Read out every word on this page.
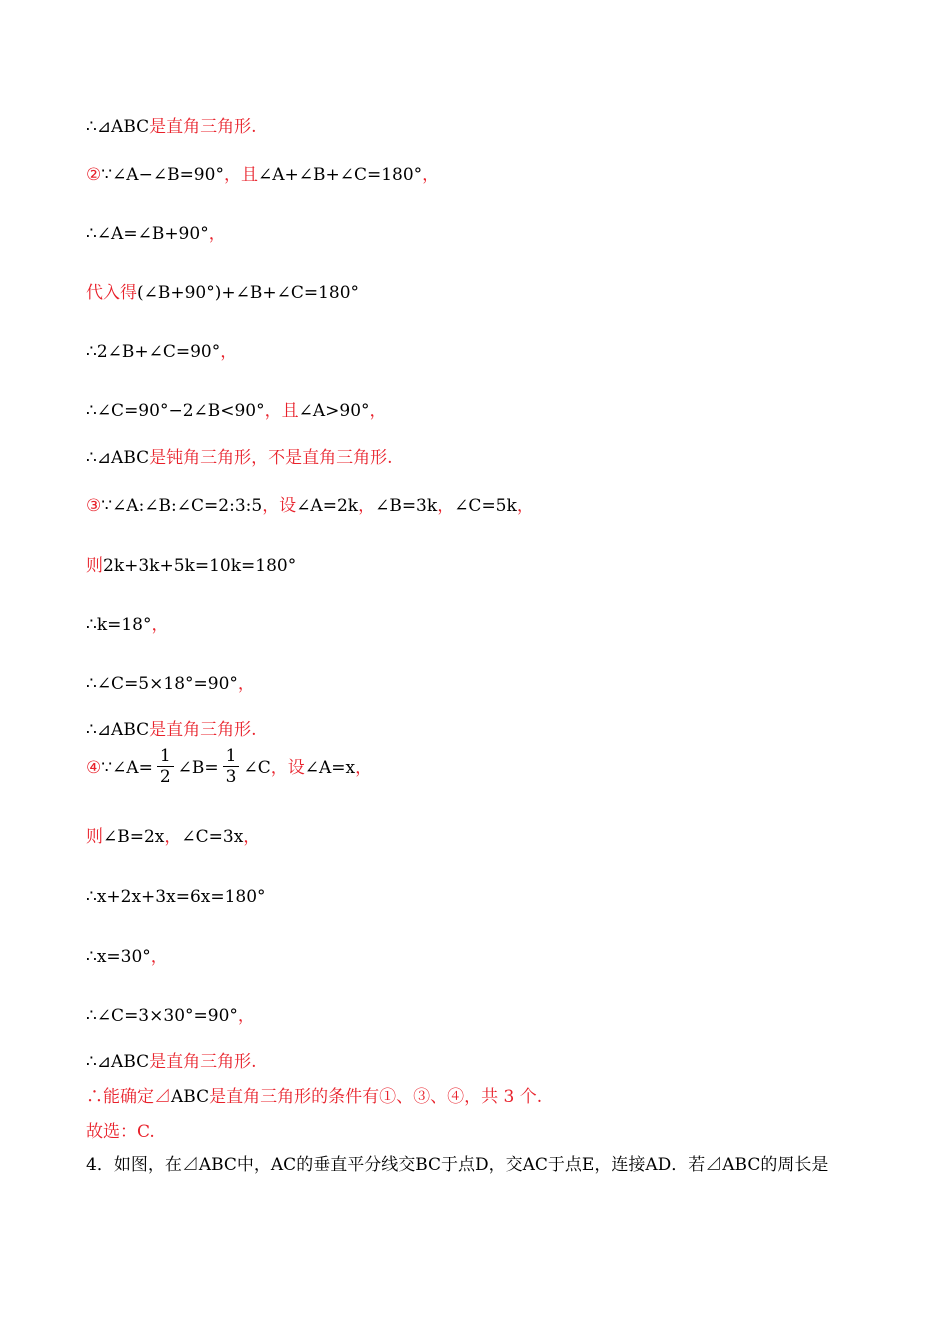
④∵∠A= $\frac{1}{2}$ ∠B= $\frac{1}{3}$ ∠C，设∠A=x，
∴⊿ABC是直角三角形.
②∵∠A−∠B=90°，且∠A+∠B+∠C=180°，
∴∠A=∠B+90°，
代入得(∠B+90°)+∠B+∠C=180°
∴2∠B+∠C=90°，
∴∠C=90°−2∠B<90°，且∠A>90°，
∴⊿ABC是钝角三角形，不是直角三角形.
③∵∠A:∠B:∠C=2:3:5，设∠A=2k，∠B=3k，∠C=5k，
则2k+3k+5k=10k=180°
∴k=18°，
∴∠C=5×18°=90°，
∴⊿ABC是直角三角形.
则∠B=2x，∠C=3x，
∴x+2x+3x=6x=180°
∴x=30°，
∴∠C=3×30°=90°，
∴⊿ABC是直角三角形.
∴能确定⊿ABC是直角三角形的条件有①、③、④，共 3 个.
故选：C.
4．如图，在⊿ABC中，AC的垂直平分线交BC于点D，交AC于点E，连接AD．若⊿ABC的周长是
